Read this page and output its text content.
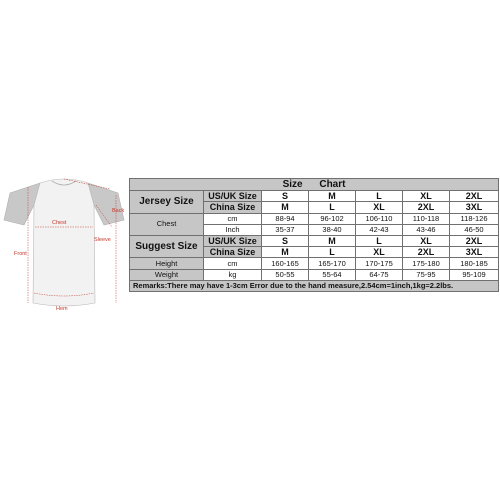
Back
Chest
Sleeve
Front
Hem
Size Chart						
Jersey Size	US/UK Size	S	M	L	XL	2XL
	China Size	M	L	XL	2XL	3XL
Chest	cm	88-94	96-102	106-110	110-118	118-126
	Inch	35-37	38-40	42-43	43-46	46-50
Suggest Size	US/UK Size	S	M	L	XL	2XL
	China Size	M	L	XL	2XL	3XL
Height	cm	160-165	165-170	170-175	175-180	180-185
Weight	kg	50-55	55-64	64-75	75-95	95-109
Remarks:There may have 1-3cm Error due to the hand measure,2.54cm=1inch,1kg=2.2lbs.						
